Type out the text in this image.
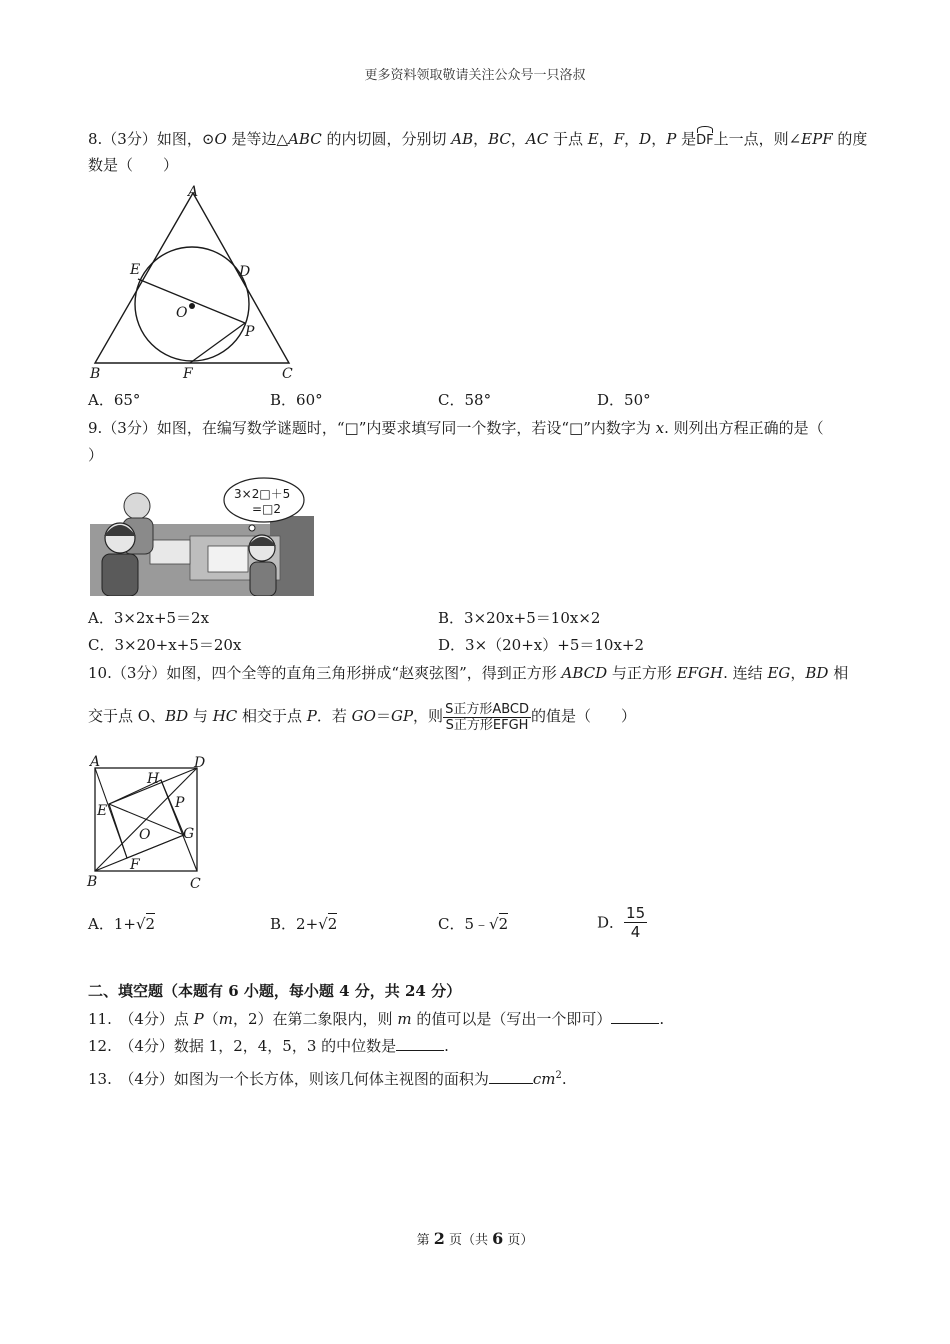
更多资料领取敬请关注公众号一只洛叔
8.（3分）如图，⊙O 是等边△ABC 的内切圆，分别切 AB，BC，AC 于点 E，F，D，P 是DF上一点，则∠EPF 的度
数是（　　）
A
B	C
D
E
F
O
P
A．65°	B．60°	C．58°	D．50°
9.（3分）如图，在编写数学谜题时，“□”内要求填写同一个数字，若设“□”内数字为 x. 则列出方程正确的是（
）
3×2□＋5
=□2
A．3×2x+5＝2x	B．3×20x+5＝10x×2
C．3×20+x+5＝20x	D．3×（20+x）+5＝10x+2
10.（3分）如图，四个全等的直角三角形拼成“赵爽弦图”，得到正方形 ABCD 与正方形 EFGH. 连结 EG，BD 相
交于点 O、BD 与 HC 相交于点 P．若 GO＝GP，则 $\frac{\text{S正方形ABCD}}{\text{S正方形EFGH}}$ 的值是（　　）
A	D
B	C
H
E	P
O G
F
A．1+√2	B．2+√2	C．5﹣√2	D． $\frac{15}{4}$
二、填空题（本题有 6 小题，每小题 4 分，共 24 分）
11.　（4分）点 P（m，2）在第二象限内，则 m 的值可以是（写出一个即可）	.
12.　（4分）数据 1，2，4，5，3 的中位数是	.
13.　（4分）如图为一个长方体，则该几何体主视图的面积为	$cm^2$.
第 2 页（共 6 页）
